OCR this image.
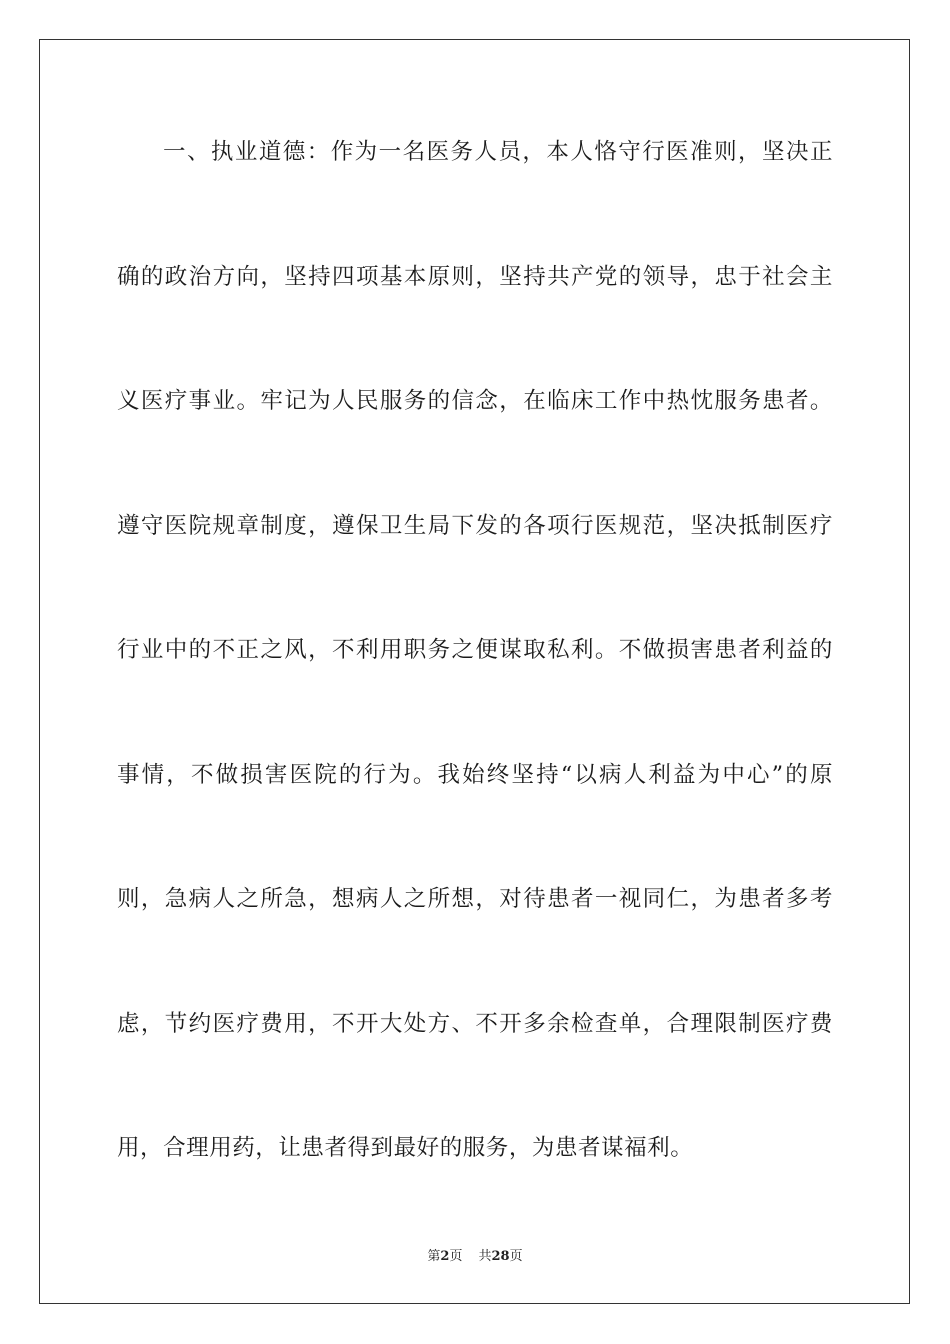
一、执业道德：作为一名医务人员，本人恪守行医准则，坚决正
确的政治方向，坚持四项基本原则，坚持共产党的领导，忠于社会主
义医疗事业。牢记为人民服务的信念，在临床工作中热忱服务患者。
遵守医院规章制度，遵保卫生局下发的各项行医规范，坚决抵制医疗
行业中的不正之风，不利用职务之便谋取私利。不做损害患者利益的
事情，不做损害医院的行为。我始终坚持“以病人利益为中心”的原
则，急病人之所急，想病人之所想，对待患者一视同仁，为患者多考
虑，节约医疗费用，不开大处方、不开多余检查单，合理限制医疗费
用，合理用药，让患者得到最好的服务，为患者谋福利。
第2页 共28页
